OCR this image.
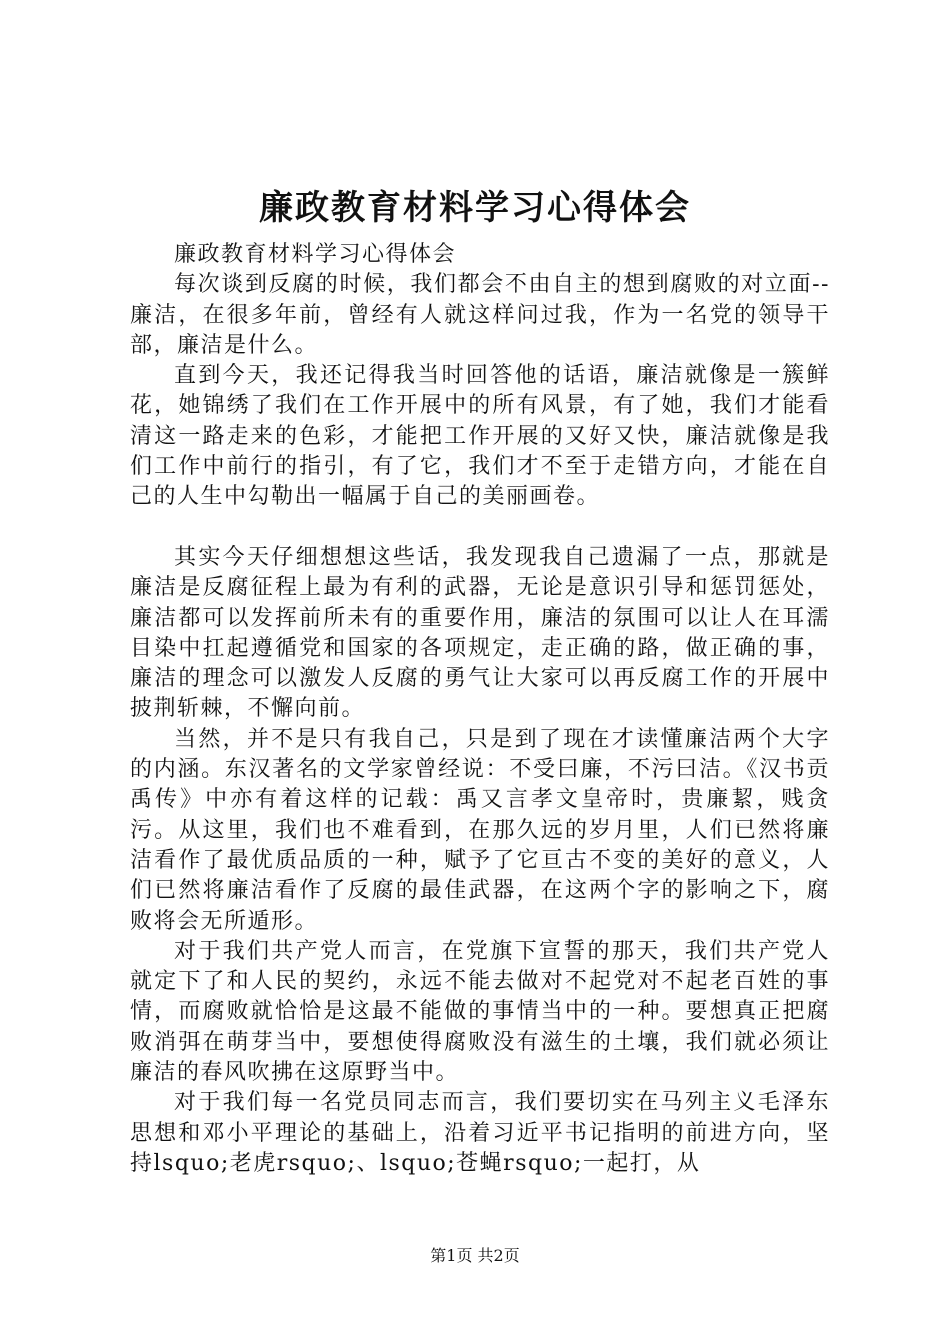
廉政教育材料学习心得体会

廉政教育材料学习心得体会

每次谈到反腐的时候，我们都会不由自主的想到腐败的对立面--廉洁，在很多年前，曾经有人就这样问过我，作为一名党的领导干部，廉洁是什么。

直到今天，我还记得我当时回答他的话语，廉洁就像是一簇鲜花，她锦绣了我们在工作开展中的所有风景，有了她，我们才能看清这一路走来的色彩，才能把工作开展的又好又快，廉洁就像是我们工作中前行的指引，有了它，我们才不至于走错方向，才能在自己的人生中勾勒出一幅属于自己的美丽画卷。

其实今天仔细想想这些话，我发现我自己遗漏了一点，那就是廉洁是反腐征程上最为有利的武器，无论是意识引导和惩罚惩处，廉洁都可以发挥前所未有的重要作用，廉洁的氛围可以让人在耳濡目染中扛起遵循党和国家的各项规定，走正确的路，做正确的事，廉洁的理念可以激发人反腐的勇气让大家可以再反腐工作的开展中披荆斩棘，不懈向前。

当然，并不是只有我自己，只是到了现在才读懂廉洁两个大字的内涵。东汉著名的文学家曾经说：不受曰廉，不污曰洁。《汉书贡禹传》中亦有着这样的记载：禹又言孝文皇帝时，贵廉絜，贱贪污。从这里，我们也不难看到，在那久远的岁月里，人们已然将廉洁看作了最优质品质的一种，赋予了它亘古不变的美好的意义，人们已然将廉洁看作了反腐的最佳武器，在这两个字的影响之下，腐败将会无所遁形。

对于我们共产党人而言，在党旗下宣誓的那天，我们共产党人就定下了和人民的契约，永远不能去做对不起党对不起老百姓的事情，而腐败就恰恰是这最不能做的事情当中的一种。要想真正把腐败消弭在萌芽当中，要想使得腐败没有滋生的土壤，我们就必须让廉洁的春风吹拂在这原野当中。

对于我们每一名党员同志而言，我们要切实在马列主义毛泽东思想和邓小平理论的基础上，沿着习近平书记指明的前进方向，坚持lsquo;老虎rsquo;、lsquo;苍蝇rsquo;一起打，从

第1页 共2页
